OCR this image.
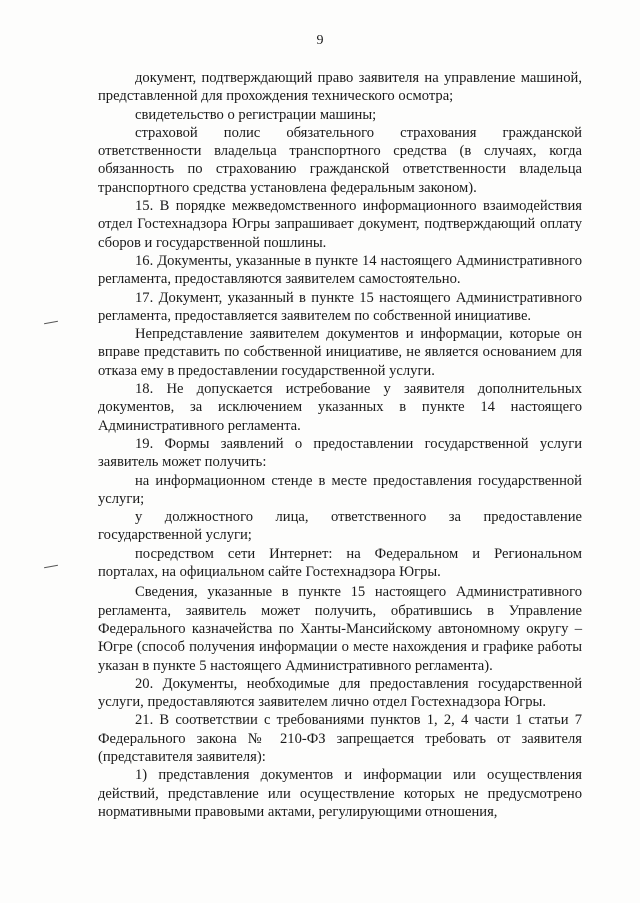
9

документ, подтверждающий право заявителя на управление машиной, представленной для прохождения технического осмотра;

свидетельство о регистрации машины;

страховой полис обязательного страхования гражданской ответственности владельца транспортного средства (в случаях, когда обязанность по страхованию гражданской ответственности владельца транспортного средства установлена федеральным законом).

15. В порядке межведомственного информационного взаимодействия отдел Гостехнадзора Югры запрашивает документ, подтверждающий оплату сборов и государственной пошлины.

16. Документы, указанные в пункте 14 настоящего Административного регламента, предоставляются заявителем самостоятельно.

17. Документ, указанный в пункте 15 настоящего Административного регламента, предоставляется заявителем по собственной инициативе.

Непредставление заявителем документов и информации, которые он вправе представить по собственной инициативе, не является основанием для отказа ему в предоставлении государственной услуги.

18. Не допускается истребование у заявителя дополнительных документов, за исключением указанных в пункте 14 настоящего Административного регламента.

19. Формы заявлений о предоставлении государственной услуги заявитель может получить:

на информационном стенде в месте предоставления государственной услуги;

у должностного лица, ответственного за предоставление государственной услуги;

посредством сети Интернет: на Федеральном и Региональном порталах, на официальном сайте Гостехнадзора Югры.

Сведения, указанные в пункте 15 настоящего Административного регламента, заявитель может получить, обратившись в Управление Федерального казначейства по Ханты-Мансийскому автономному округу – Югре (способ получения информации о месте нахождения и графике работы указан в пункте 5 настоящего Административного регламента).

20. Документы, необходимые для предоставления государственной услуги, предоставляются заявителем лично отдел Гостехнадзора Югры.

21. В соответствии с требованиями пунктов 1, 2, 4 части 1 статьи 7 Федерального закона № 210-ФЗ запрещается требовать от заявителя (представителя заявителя):

1) представления документов и информации или осуществления действий, представление или осуществление которых не предусмотрено нормативными правовыми актами, регулирующими отношения,
